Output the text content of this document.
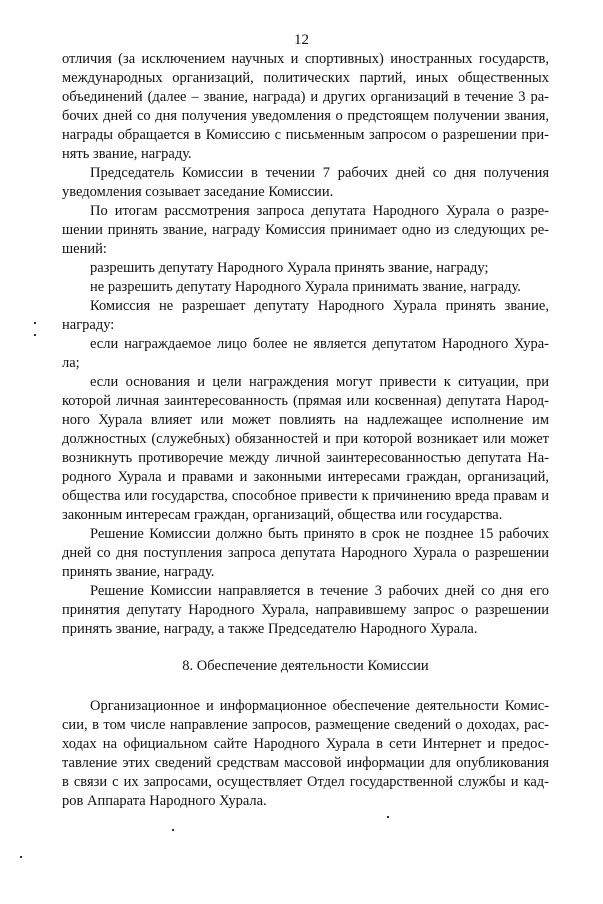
12
отличия (за исключением научных и спортивных) иностранных государств,
международных организаций, политических партий, иных общественных
объединений (далее – звание, награда) и других организаций в течение 3 ра-
бочих дней со дня получения уведомления о предстоящем получении звания,
награды обращается в Комиссию с письменным запросом о разрешении при-
нять звание, награду.
Председатель Комиссии в течении 7 рабочих дней со дня получения
уведомления созывает заседание Комиссии.
По итогам рассмотрения запроса депутата Народного Хурала о разре-
шении принять звание, награду Комиссия принимает одно из следующих ре-
шений:
разрешить депутату Народного Хурала принять звание, награду;
не разрешить депутату Народного Хурала принимать звание, награду.
Комиссия не разрешает депутату Народного Хурала принять звание,
награду:
если награждаемое лицо более не является депутатом Народного Хура-
ла;
если основания и цели награждения могут привести к ситуации, при
которой личная заинтересованность (прямая или косвенная) депутата Народ-
ного Хурала влияет или может повлиять на надлежащее исполнение им
должностных (служебных) обязанностей и при которой возникает или может
возникнуть противоречие между личной заинтересованностью депутата На-
родного Хурала и правами и законными интересами граждан, организаций,
общества или государства, способное привести к причинению вреда правам и
законным интересам граждан, организаций, общества или государства.
Решение Комиссии должно быть принято в срок не позднее 15 рабочих
дней со дня поступления запроса депутата Народного Хурала о разрешении
принять звание, награду.
Решение Комиссии направляется в течение 3 рабочих дней со дня его
принятия депутату Народного Хурала, направившему запрос о разрешении
принять звание, награду, а также Председателю Народного Хурала.
8. Обеспечение деятельности Комиссии
Организационное и информационное обеспечение деятельности Комис-
сии, в том числе направление запросов, размещение сведений о доходах, рас-
ходах на официальном сайте Народного Хурала в сети Интернет и предос-
тавление этих сведений средствам массовой информации для опубликования
в связи с их запросами, осуществляет Отдел государственной службы и кад-
ров Аппарата Народного Хурала.
